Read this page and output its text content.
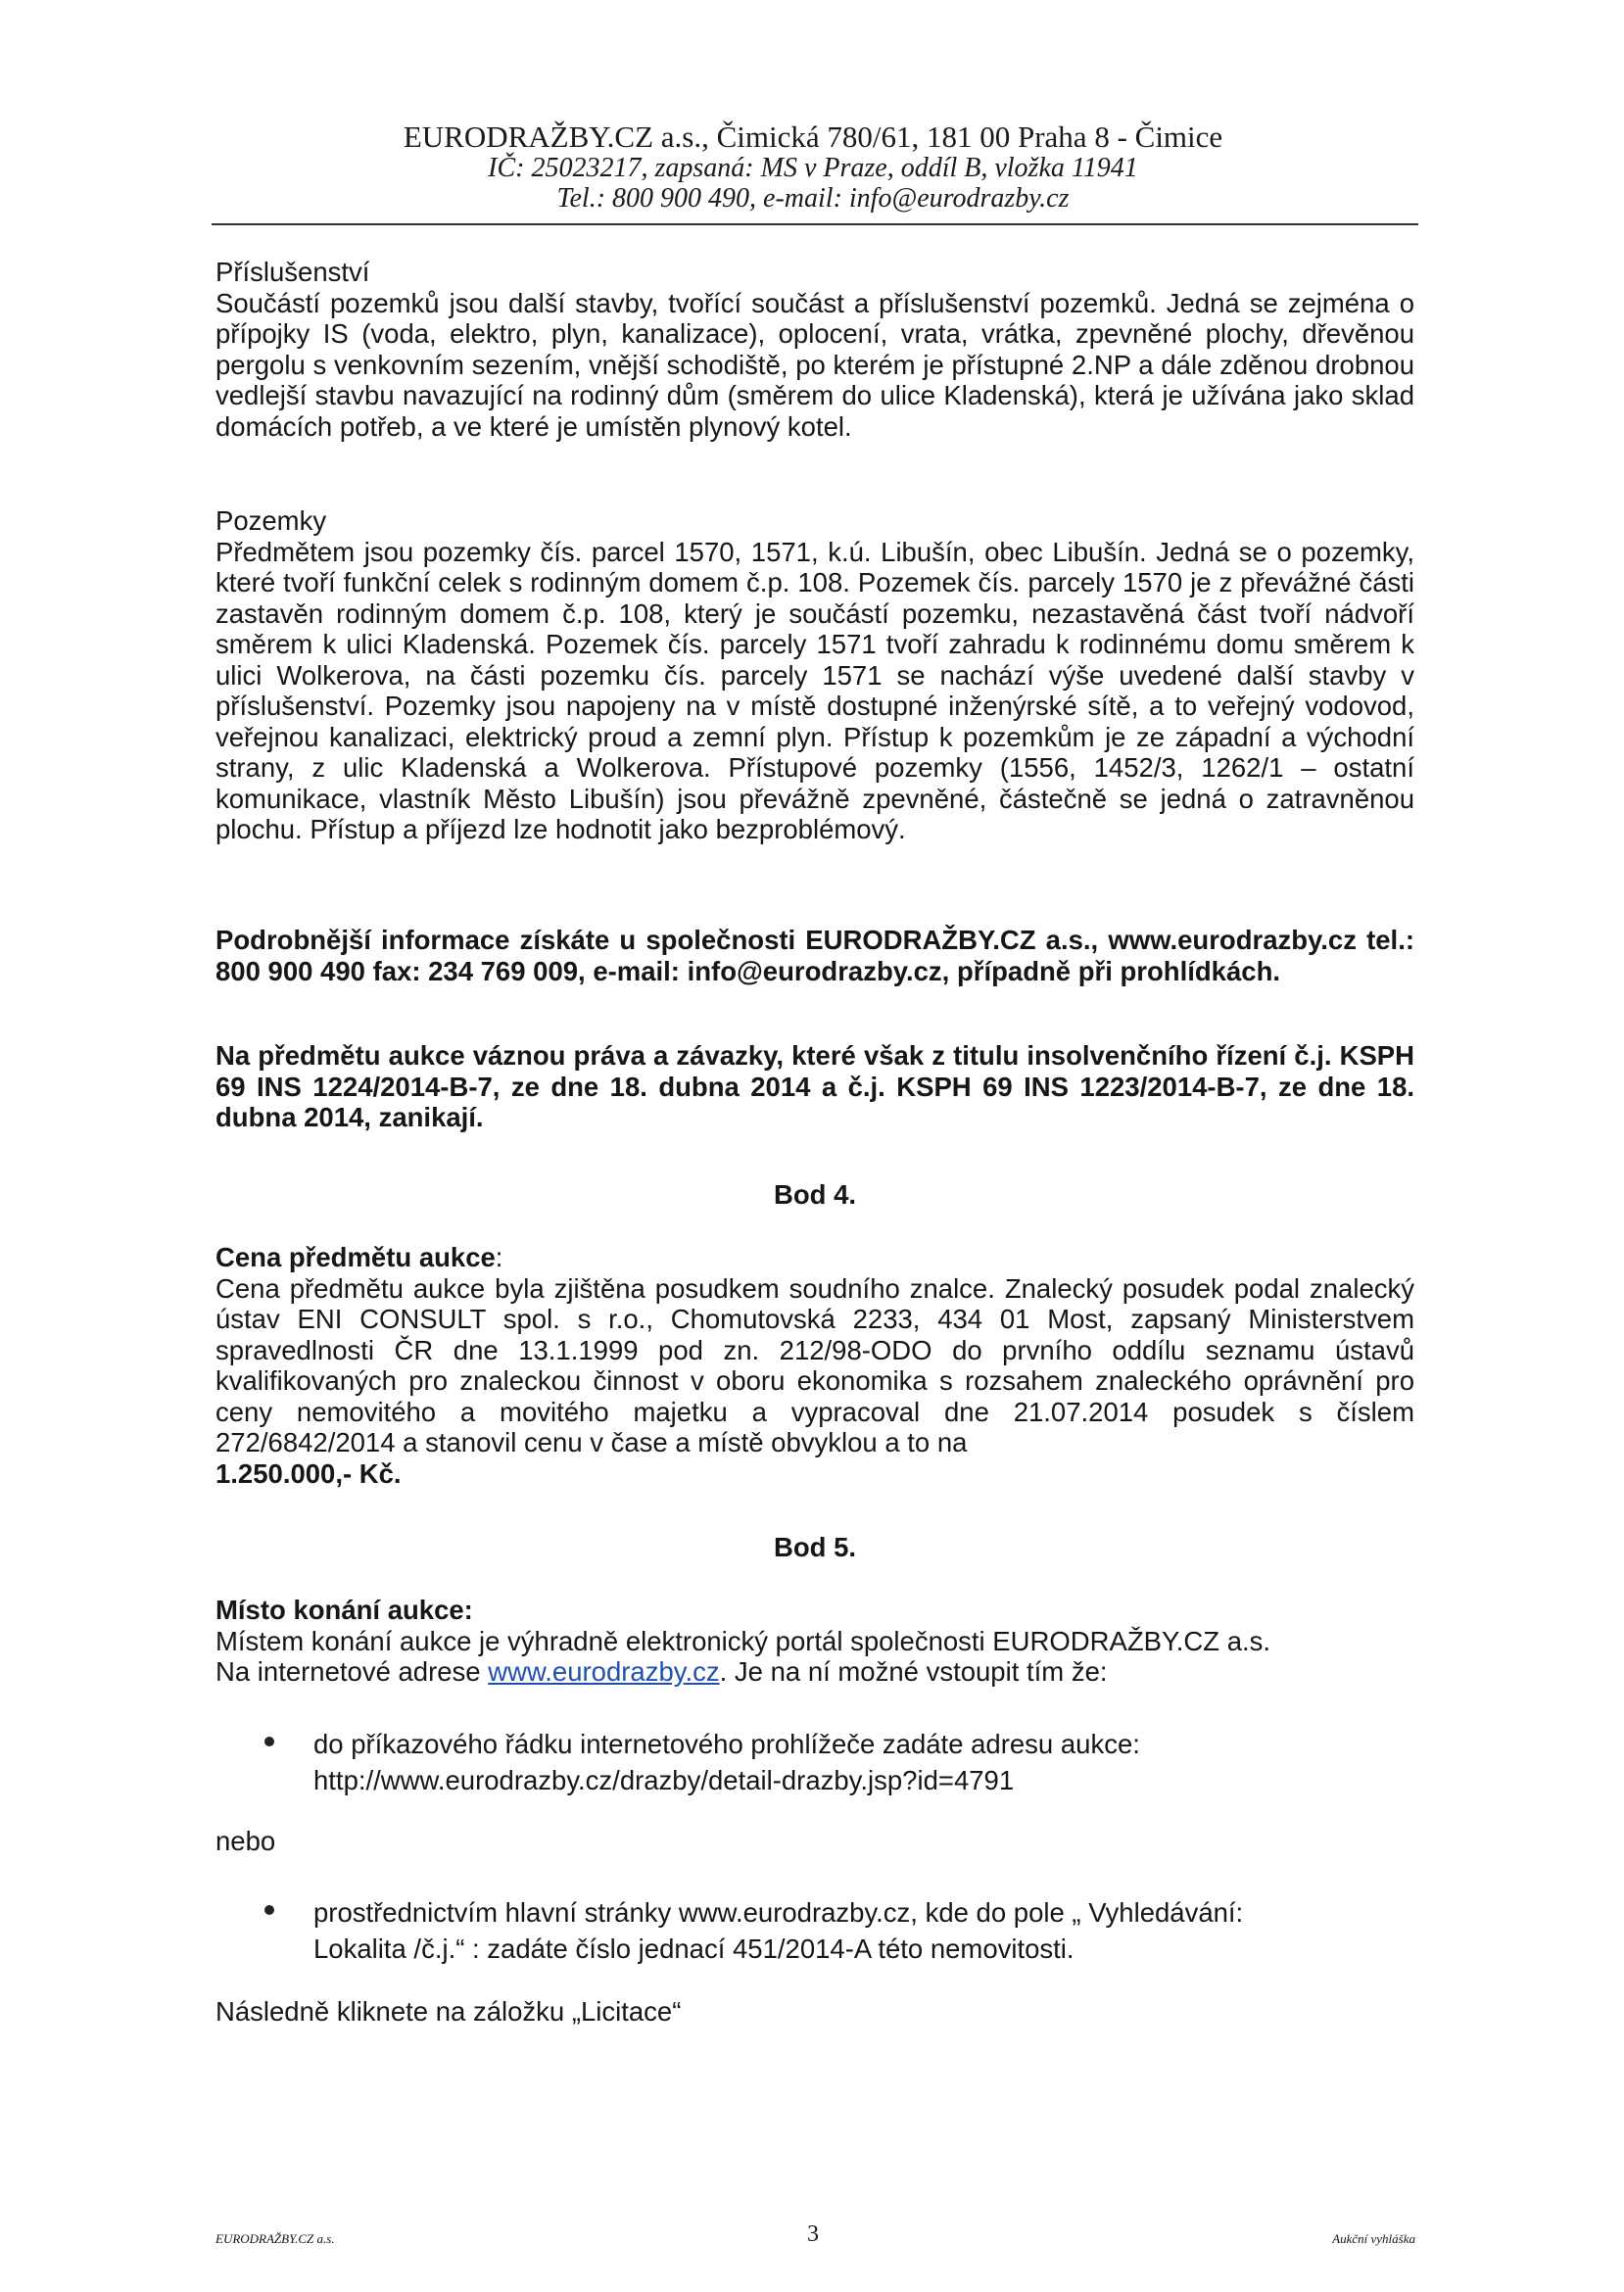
EURODRAŽBY.CZ a.s., Čimická 780/61, 181 00 Praha 8 - Čimice
IČ: 25023217, zapsaná: MS v Praze, oddíl B, vložka 11941
Tel.: 800 900 490, e-mail: info@eurodrazby.cz
Příslušenství
Součástí pozemků jsou další stavby, tvořící součást a příslušenství pozemků. Jedná se zejména o přípojky IS (voda, elektro, plyn, kanalizace), oplocení, vrata, vrátka, zpevněné plochy, dřevěnou pergolu s venkovním sezením, vnější schodiště, po kterém je přístupné 2.NP a dále zděnou drobnou vedlejší stavbu navazující na rodinný dům (směrem do ulice Kladenská), která je užívána jako sklad domácích potřeb, a ve které je umístěn plynový kotel.
Pozemky
Předmětem jsou pozemky čís. parcel 1570, 1571, k.ú. Libušín, obec Libušín. Jedná se o pozemky, které tvoří funkční celek s rodinným domem č.p. 108. Pozemek čís. parcely 1570 je z převážné části zastavěn rodinným domem č.p. 108, který je součástí pozemku, nezastavěná část tvoří nádvoří směrem k ulici Kladenská. Pozemek čís. parcely 1571 tvoří zahradu k rodinnému domu směrem k ulici Wolkerova, na části pozemku čís. parcely 1571 se nachází výše uvedené další stavby v příslušenství. Pozemky jsou napojeny na v místě dostupné inženýrské sítě, a to veřejný vodovod, veřejnou kanalizaci, elektrický proud a zemní plyn. Přístup k pozemkům je ze západní a východní strany, z ulic Kladenská a Wolkerova. Přístupové pozemky (1556, 1452/3, 1262/1 – ostatní komunikace, vlastník Město Libušín) jsou převážně zpevněné, částečně se jedná o zatravněnou plochu. Přístup a příjezd lze hodnotit jako bezproblémový.
Podrobnější informace získáte u společnosti EURODRAŽBY.CZ a.s., www.eurodrazby.cz tel.: 800 900 490 fax: 234 769 009, e-mail: info@eurodrazby.cz, případně při prohlídkách.
Na předmětu aukce váznou práva a závazky, které však z titulu insolvenčního řízení č.j. KSPH 69 INS 1224/2014-B-7, ze dne 18. dubna 2014 a č.j. KSPH 69 INS 1223/2014-B-7, ze dne 18. dubna 2014, zanikají.
Bod 4.
Cena předmětu aukce:
Cena předmětu aukce byla zjištěna posudkem soudního znalce. Znalecký posudek podal znalecký ústav ENI CONSULT spol. s r.o., Chomutovská 2233, 434 01 Most, zapsaný Ministerstvem spravedlnosti ČR dne 13.1.1999 pod zn. 212/98-ODO do prvního oddílu seznamu ústavů kvalifikovaných pro znaleckou činnost v oboru ekonomika s rozsahem znaleckého oprávnění pro ceny nemovitého a movitého majetku a vypracoval dne 21.07.2014 posudek s číslem 272/6842/2014 a stanovil cenu v čase a místě obvyklou a to na
1.250.000,- Kč.
Bod 5.
Místo konání aukce:
Místem konání aukce je výhradně elektronický portál společnosti EURODRAŽBY.CZ a.s.
Na internetové adrese www.eurodrazby.cz. Je na ní možné vstoupit tím že:
do příkazového řádku internetového prohlížeče zadáte adresu aukce:
http://www.eurodrazby.cz/drazby/detail-drazby.jsp?id=4791
nebo
prostřednictvím hlavní stránky www.eurodrazby.cz, kde do pole „ Vyhledávání:
Lokalita /č.j.“ : zadáte číslo jednací 451/2014-A této nemovitosti.
Následně kliknete na záložku „Licitace“
EURODRAŽBY.CZ a.s.	3	Aukční vyhláška
